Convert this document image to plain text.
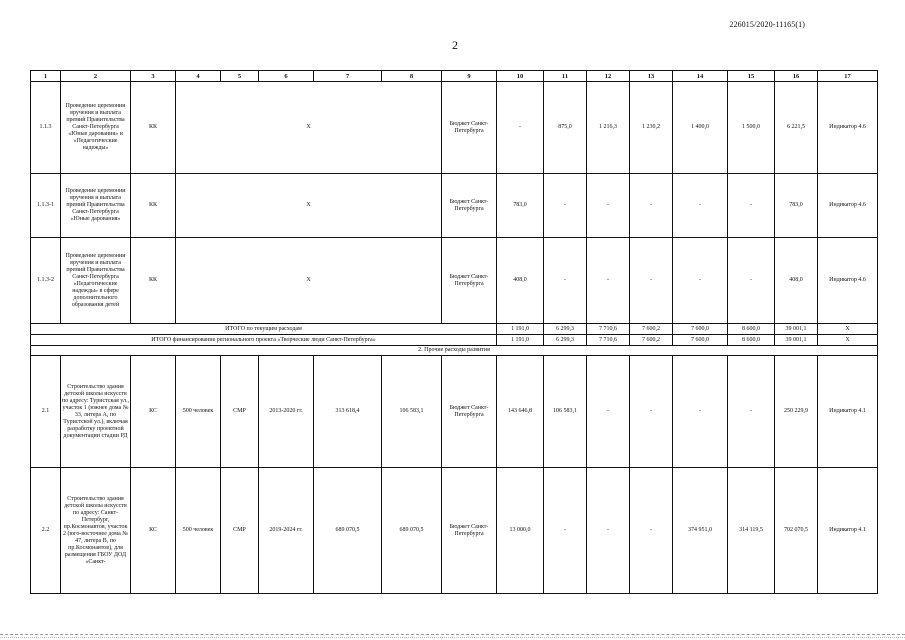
226015/2020-11165(1)
2
1	2	3	4	5	6	7	8	9	10	11	12	13	14	15	16	17
1.1.3	Проведение церемонии вручения и выплата премий Правительства Санкт-Петербурга «Юные дарования» и «Педагогические надежды»	КК	X					Бюджет Санкт-Петербурга	-	875,0	1 216,3	1 230,2	1 400,0	1 500,0	6 221,5	Индикатор 4.6
1.1.3-1	Проведение церемонии вручения и выплата премий Правительства Санкт-Петербурга «Юные дарования»	КК	X					Бюджет Санкт-Петербурга	783,0	-	-	-	-	-	783,0	Индикатор 4.6
1.1.3-2	Проведение церемонии вручения и выплата премий Правительства Санкт-Петербурга «Педагогические надежды» в сфере дополнительного образования детей	КК	X					Бюджет Санкт-Петербурга	408,0	-	-	-	-	-	408,0	Индикатор 4.6
ИТОГО по текущим расходам									1 191,0	6 299,3	7 710,6	7 600,2	7 600,0	8 600,0	39 001,1	X
ИТОГО финансирование регионального проекта «Творческие люди Санкт-Петербурга»									1 191,0	6 299,3	7 710,6	7 600,2	7 600,0	8 600,0	39 001,1	X
2. Прочие расходы развития																
2.1	Строительство здания детской школы искусств по адресу: Туристская ул., участок 1 (южнее дома № 33, литера А, по Туристской ул.), включая разработку проектной документации стадии РД	КС	500 человек	СМР	2013-2020 гг.	313 618,4	106 583,1	Бюджет Санкт-Петербурга	143 646,8	106 583,1	-	-	-	-	250 229,9	Индикатор 4.1
2.2	Строительство здания детской школы искусств по адресу: Санкт-Петербург, пр.Космонавтов, участок 2 (юго-восточнее дома № 47, литера В, по пр.Космонавтов), для размещения ГБОУ ДОД «Санкт-	КС	500 человек	СМР	2019-2024 гг.	689 070,5	689 070,5	Бюджет Санкт-Петербурга	13 000,0	-	-	-	374 951,0	314 119,5	702 070,5	Индикатор 4.1
